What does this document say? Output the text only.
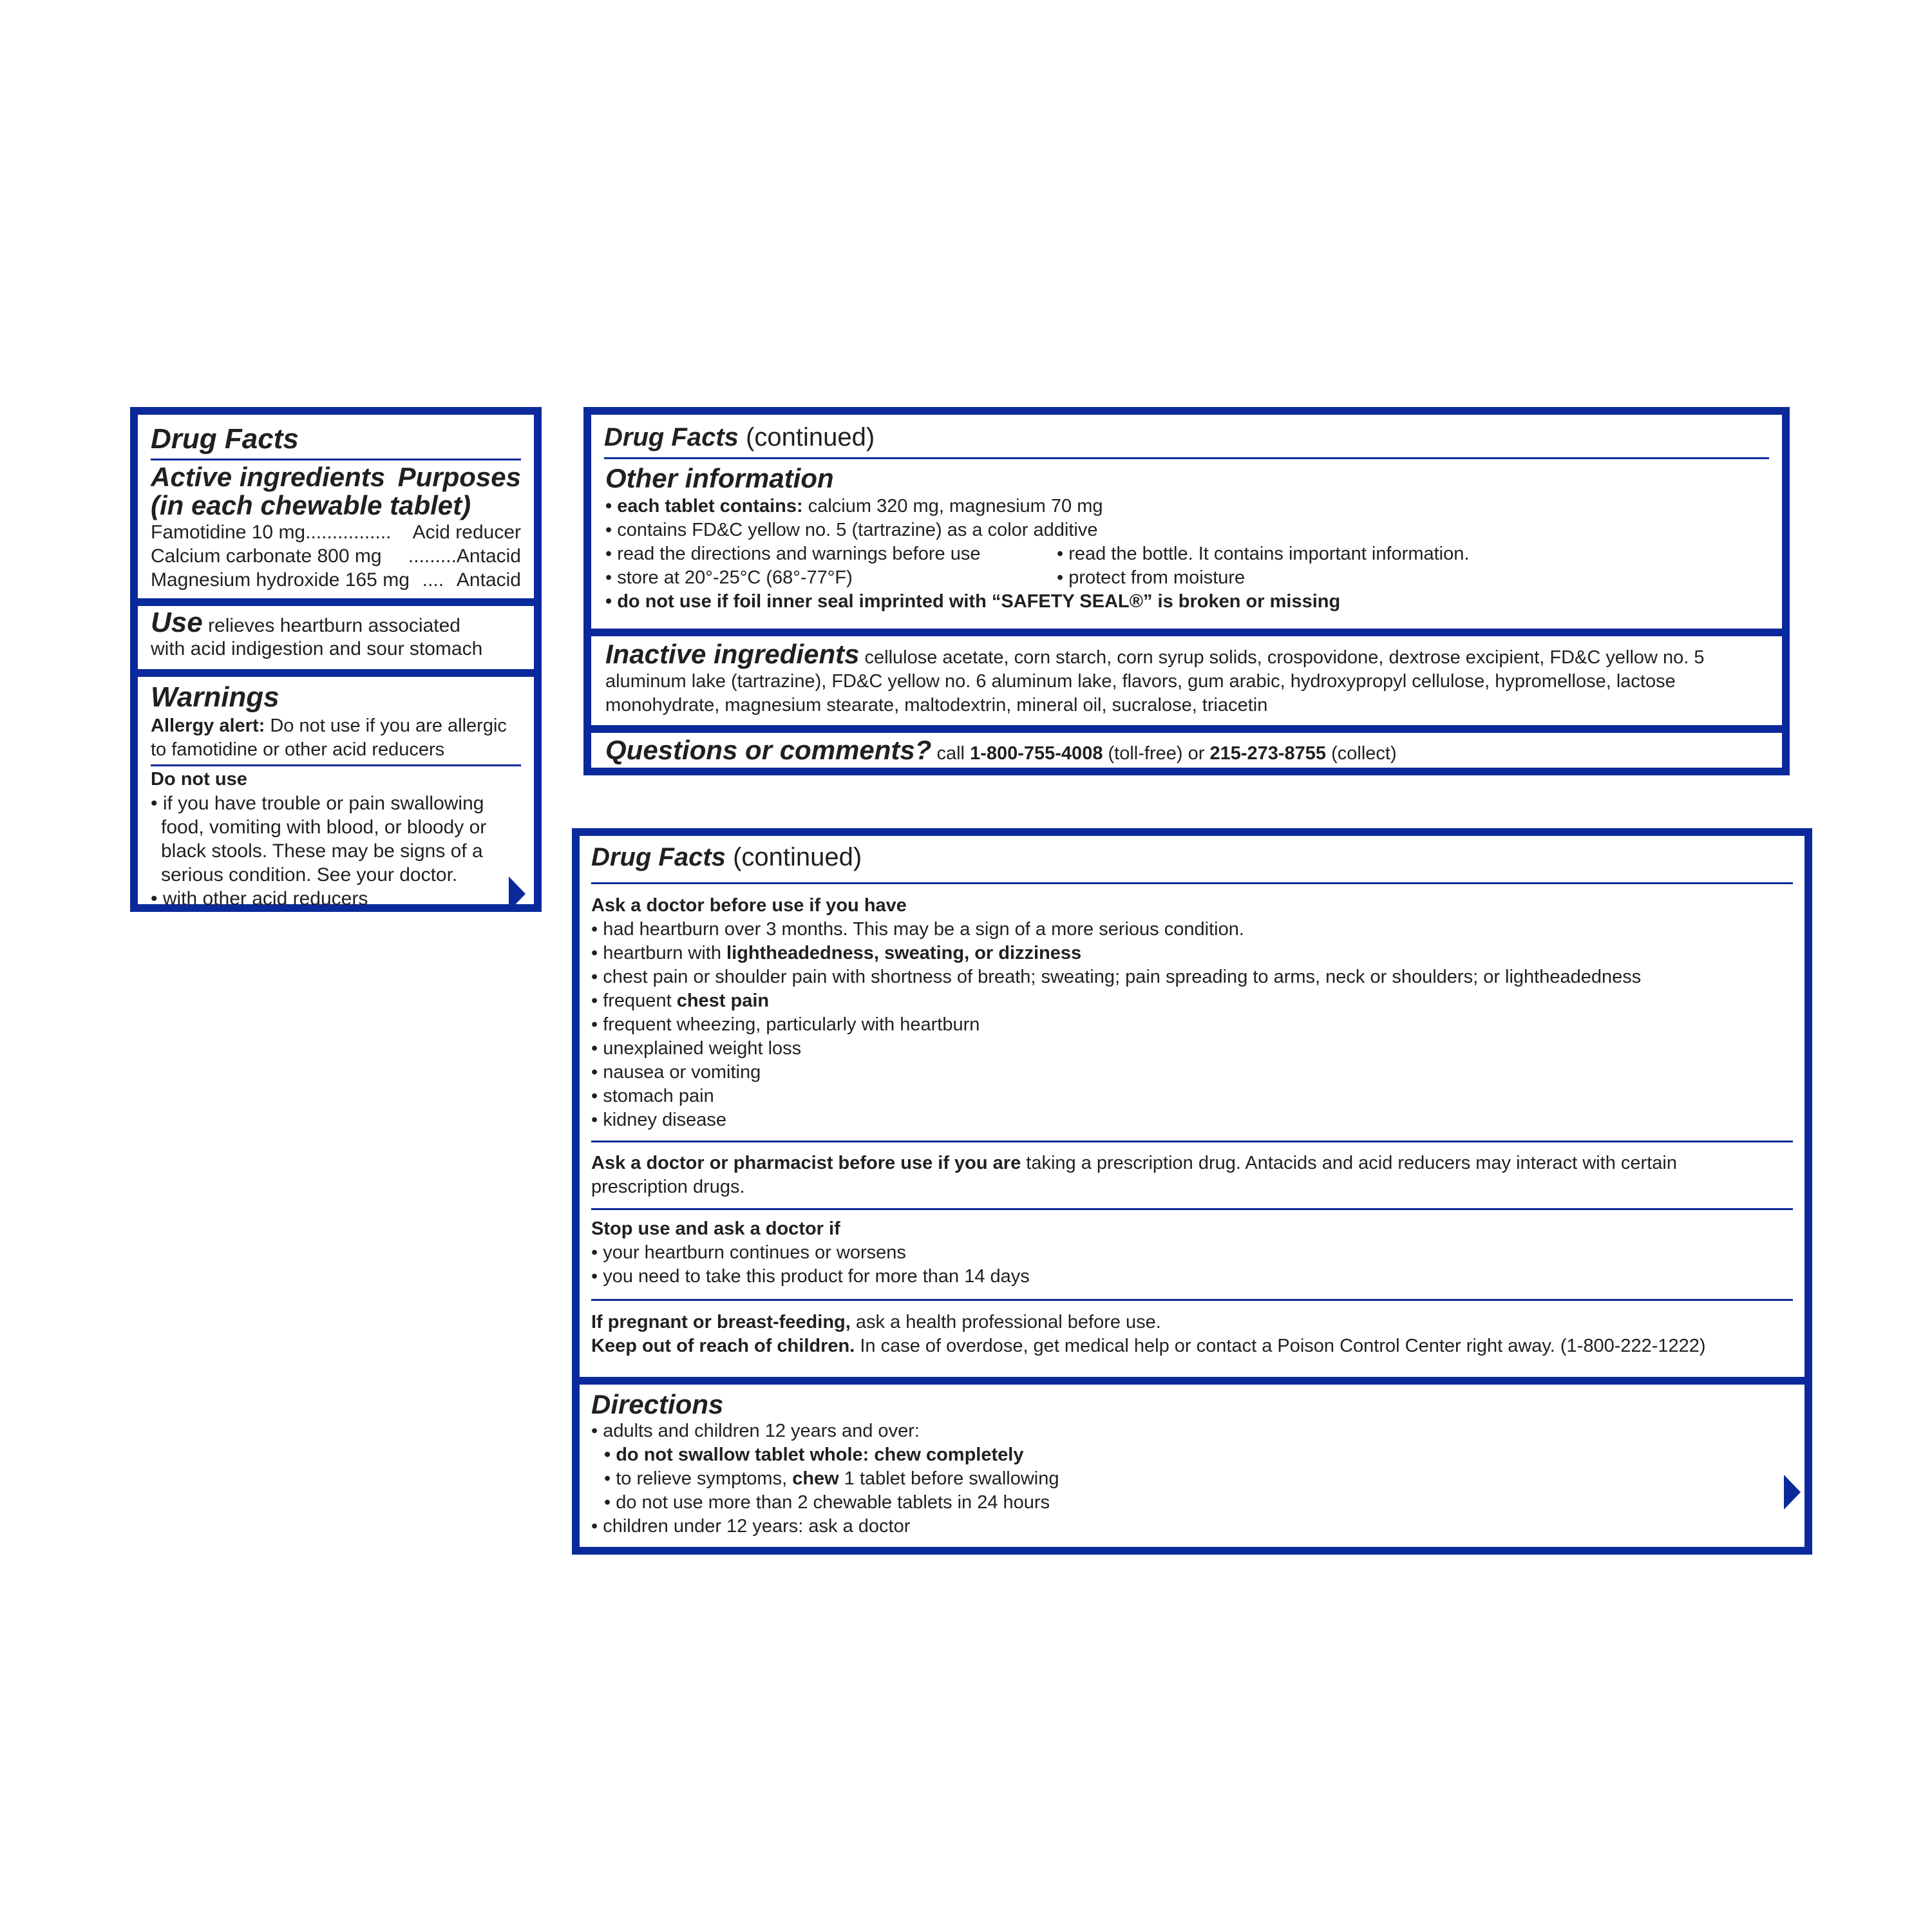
Drug Facts
Active ingredients Purposes
(in each chewable tablet)
Famotidine 10 mg ................	Acid reducer
Calcium carbonate 800 mg	......... Antacid
Magnesium hydroxide 165 mg .... Antacid
Use relieves heartburn associated
with acid indigestion and sour stomach
Warnings
Allergy alert: Do not use if you are allergic
to famotidine or other acid reducers
Do not use
• if you have trouble or pain swallowing
food, vomiting with blood, or bloody or
black stools. These may be signs of a
serious condition. See your doctor.
• with other acid reducers
Drug Facts (continued)
Other information
• each tablet contains: calcium 320 mg, magnesium 70 mg
• contains FD&C yellow no. 5 (tartrazine) as a color additive
• read the directions and warnings before use	• read the bottle. It contains important information.
• store at 20°-25°C (68°-77°F)	• protect from moisture
• do not use if foil inner seal imprinted with “SAFETY SEAL®” is broken or missing
Inactive ingredients cellulose acetate, corn starch, corn syrup solids, crospovidone, dextrose excipient, FD&C yellow no. 5
aluminum lake (tartrazine), FD&C yellow no. 6 aluminum lake, flavors, gum arabic, hydroxypropyl cellulose, hypromellose, lactose
monohydrate, magnesium stearate, maltodextrin, mineral oil, sucralose, triacetin
Questions or comments? call 1-800-755-4008 (toll-free) or 215-273-8755 (collect)
Drug Facts (continued)
Ask a doctor before use if you have
• had heartburn over 3 months. This may be a sign of a more serious condition.
• heartburn with lightheadedness, sweating, or dizziness
• chest pain or shoulder pain with shortness of breath; sweating; pain spreading to arms, neck or shoulders; or lightheadedness
• frequent chest pain
• frequent wheezing, particularly with heartburn
• unexplained weight loss
• nausea or vomiting
• stomach pain
• kidney disease
Ask a doctor or pharmacist before use if you are taking a prescription drug. Antacids and acid reducers may interact with certain
prescription drugs.
Stop use and ask a doctor if
• your heartburn continues or worsens
• you need to take this product for more than 14 days
If pregnant or breast-feeding, ask a health professional before use.
Keep out of reach of children. In case of overdose, get medical help or contact a Poison Control Center right away. (1-800-222-1222)
Directions
• adults and children 12 years and over:
• do not swallow tablet whole: chew completely
• to relieve symptoms, chew 1 tablet before swallowing
• do not use more than 2 chewable tablets in 24 hours
• children under 12 years: ask a doctor
